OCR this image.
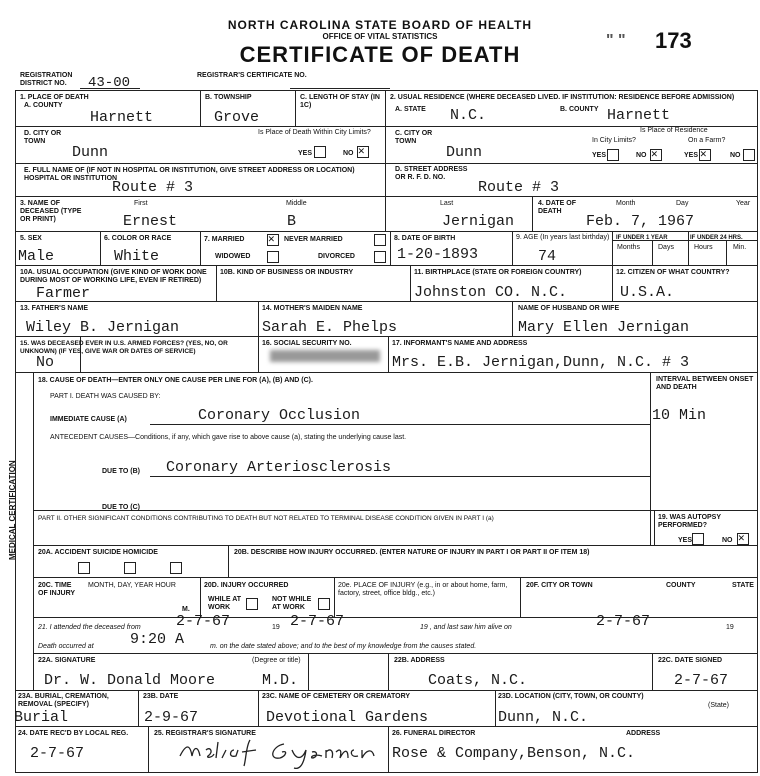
NORTH CAROLINA STATE BOARD OF HEALTH
OFFICE OF VITAL STATISTICS
CERTIFICATE OF DEATH
" " 173
REGISTRATION DISTRICT NO.	43-00	REGISTRAR'S CERTIFICATE NO.
1. PLACE OF DEATH
A. COUNTY
Harnett
B. TOWNSHIP
Grove
C. LENGTH OF STAY (IN 1C)
2. USUAL RESIDENCE (WHERE DECEASED LIVED. IF INSTITUTION: RESIDENCE BEFORE ADMISSION)
A. STATE N.C.	B. COUNTY Harnett
D. CITY OR TOWN
Dunn
Is Place of Death Within City Limits?
YES	NO ✕
C. CITY OR TOWN
Dunn
Is Place of Residence
In City Limits?	On a Farm?
YES	NO ✕	YES ✕	NO
E. FULL NAME OF (IF NOT IN HOSPITAL OR INSTITUTION, GIVE STREET ADDRESS OR LOCATION) HOSPITAL OR INSTITUTION
Route # 3
D. STREET ADDRESS OR R. F. D. NO.
Route # 3
3. NAME OF DECEASED (TYPE OR PRINT)
First	Middle	Last
Ernest	B	Jernigan
4. DATE OF DEATH
Month	Day	Year
Feb. 7, 1967
5. SEX
Male
6. COLOR OR RACE
White
7. MARRIED ✕ NEVER MARRIED
WIDOWED	DIVORCED
8. DATE OF BIRTH
1-20-1893
9. AGE (In years last birthday)
74
IF UNDER 1 YEAR	IF UNDER 24 HRS.
Months	Days	Hours	Min.
10A. USUAL OCCUPATION (GIVE KIND OF WORK DONE DURING MOST OF WORKING LIFE, EVEN IF RETIRED)
Farmer
10B. KIND OF BUSINESS OR INDUSTRY	11. BIRTHPLACE (STATE OR FOREIGN COUNTRY)
Johnston CO. N.C.
12. CITIZEN OF WHAT COUNTRY?
U.S.A.
13. FATHER'S NAME
Wiley B. Jernigan
14. MOTHER'S MAIDEN NAME
Sarah E. Phelps
NAME OF HUSBAND OR WIFE
Mary Ellen Jernigan
15. WAS DECEASED EVER IN U.S. ARMED FORCES? (YES, NO, OR UNKNOWN) (IF YES, GIVE WAR OR DATES OF SERVICE)
No
16. SOCIAL SECURITY NO.	17. INFORMANT'S NAME AND ADDRESS
Mrs. E.B. Jernigan,Dunn, N.C. # 3
MEDICAL CERTIFICATION
18. CAUSE OF DEATH—ENTER ONLY ONE CAUSE PER LINE FOR (A), (B) AND (C).	INTERVAL BETWEEN ONSET AND DEATH
PART I. DEATH WAS CAUSED BY:
IMMEDIATE CAUSE (A)	Coronary Occlusion	10 Min
ANTECEDENT CAUSES—Conditions, if any, which gave rise to above cause (a), stating the underlying cause last.
DUE TO (B) Coronary Arteriosclerosis
DUE TO (C)
PART II. OTHER SIGNIFICANT CONDITIONS CONTRIBUTING TO DEATH BUT NOT RELATED TO TERMINAL DISEASE CONDITION GIVEN IN PART I (a)	19. WAS AUTOPSY PERFORMED?
YES	NO ✕
20A. ACCIDENT SUICIDE HOMICIDE	20B. DESCRIBE HOW INJURY OCCURRED. (ENTER NATURE OF INJURY IN PART I OR PART II OF ITEM 18)
20C. TIME OF INJURY
MONTH, DAY, YEAR HOUR
M.
20D. INJURY OCCURRED
WHILE AT WORK
NOT WHILE AT WORK
20e. PLACE OF INJURY (e.g., in or about home, farm, factory, street, office bldg., etc.)
20F. CITY OR TOWN	COUNTY	STATE
21. I attended the deceased from 2-7-67	19 2-7-67	19 , and last saw him alive on	2-7-67	19
Death occurred at 9:20 A	m. on the date stated above; and to the best of my knowledge from the causes stated.
22A. SIGNATURE	(Degree or title)
Dr. W. Donald Moore	M.D.
22B. ADDRESS
Coats, N.C.
22C. DATE SIGNED
2-7-67
23A. BURIAL, CREMATION, REMOVAL (SPECIFY)
Burial
23B. DATE
2-9-67
23C. NAME OF CEMETERY OR CREMATORY
Devotional Gardens
23D. LOCATION (CITY, TOWN, OR COUNTY)
(State)
Dunn, N.C.
24. DATE REC'D BY LOCAL REG.
2-7-67
25. REGISTRAR'S SIGNATURE	26. FUNERAL DIRECTOR	ADDRESS
Rose & Company,Benson, N.C.
